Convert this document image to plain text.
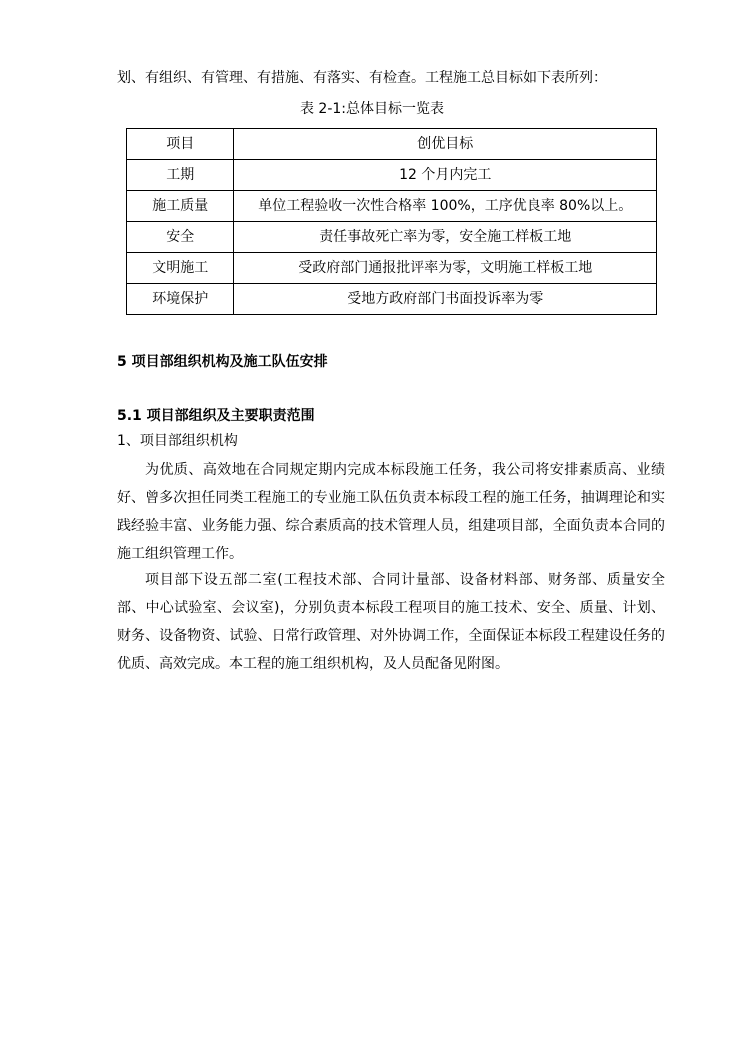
划、有组织、有管理、有措施、有落实、有检查。工程施工总目标如下表所列：
表 2-1:总体目标一览表
项目	创优目标
工期	12 个月内完工
施工质量	单位工程验收一次性合格率 100%，工序优良率 80%以上。
安全	责任事故死亡率为零，安全施工样板工地
文明施工	受政府部门通报批评率为零，文明施工样板工地
环境保护	受地方政府部门书面投诉率为零
5 项目部组织机构及施工队伍安排
5.1 项目部组织及主要职责范围
1、项目部组织机构
为优质、高效地在合同规定期内完成本标段施工任务，我公司将安排素质高、业绩好、曾多次担任同类工程施工的专业施工队伍负责本标段工程的施工任务，抽调理论和实践经验丰富、业务能力强、综合素质高的技术管理人员，组建项目部，全面负责本合同的施工组织管理工作。
项目部下设五部二室(工程技术部、合同计量部、设备材料部、财务部、质量安全部、中心试验室、会议室)，分别负责本标段工程项目的施工技术、安全、质量、计划、财务、设备物资、试验、日常行政管理、对外协调工作，全面保证本标段工程建设任务的优质、高效完成。本工程的施工组织机构，及人员配备见附图。
